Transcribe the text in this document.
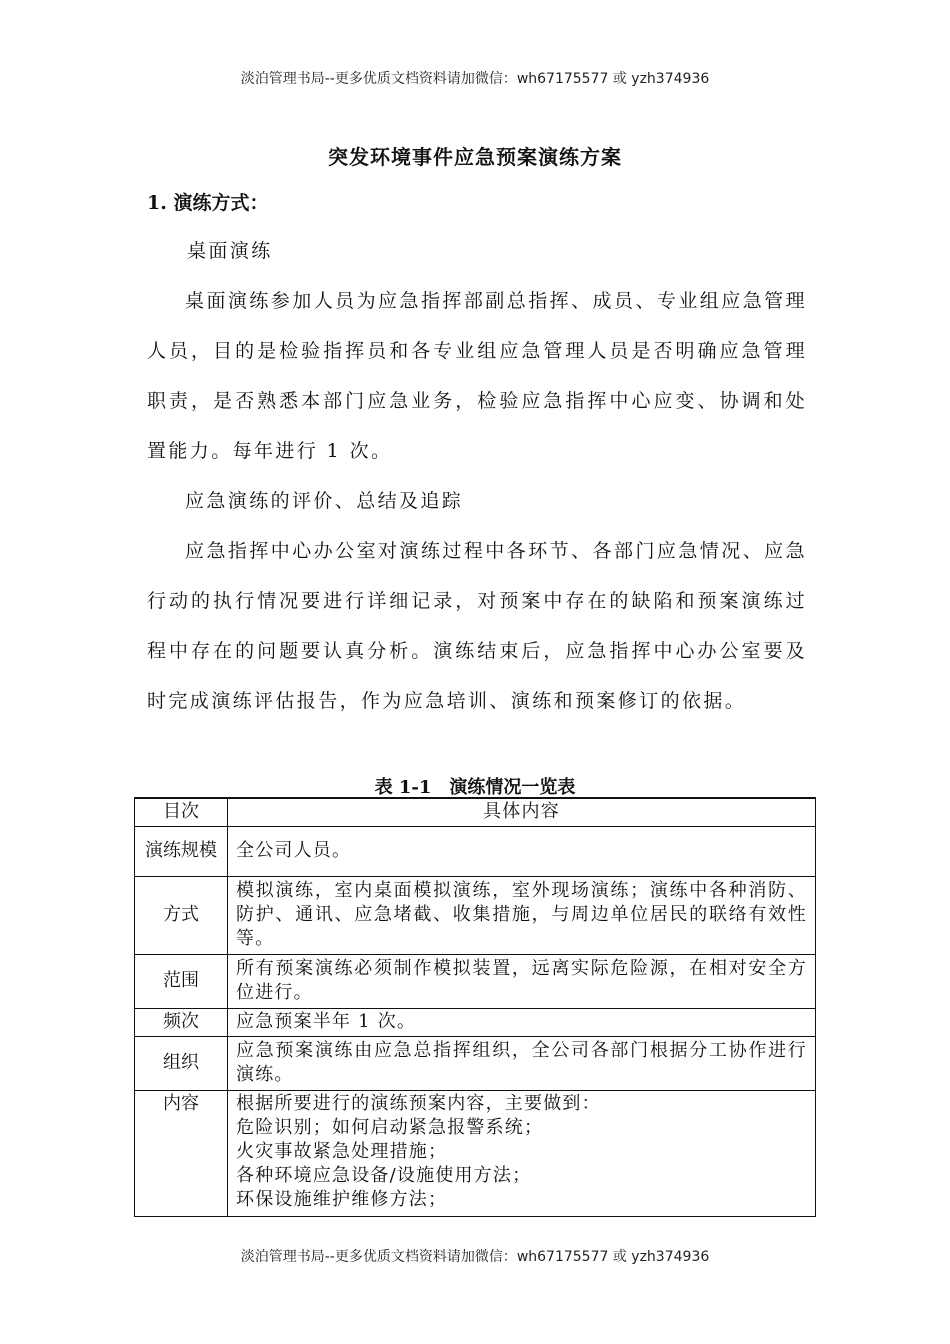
淡泊管理书局--更多优质文档资料请加微信：wh67175577 或 yzh374936
突发环境事件应急预案演练方案
1. 演练方式：
桌面演练
桌面演练参加人员为应急指挥部副总指挥、成员、专业组应急管理人员，目的是检验指挥员和各专业组应急管理人员是否明确应急管理职责，是否熟悉本部门应急业务，检验应急指挥中心应变、协调和处置能力。每年进行 1 次。
应急演练的评价、总结及追踪
应急指挥中心办公室对演练过程中各环节、各部门应急情况、应急行动的执行情况要进行详细记录，对预案中存在的缺陷和预案演练过程中存在的问题要认真分析。演练结束后，应急指挥中心办公室要及时完成演练评估报告，作为应急培训、演练和预案修订的依据。
表 1-1　演练情况一览表
目次	具体内容
演练规模	全公司人员。
方式	模拟演练，室内桌面模拟演练，室外现场演练；演练中各种消防、防护、通讯、应急堵截、收集措施，与周边单位居民的联络有效性等。
范围	所有预案演练必须制作模拟装置，远离实际危险源，在相对安全方位进行。
频次	应急预案半年 1 次。
组织	应急预案演练由应急总指挥组织，全公司各部门根据分工协作进行演练。
内容	根据所要进行的演练预案内容，主要做到：
危险识别；如何启动紧急报警系统；
火灾事故紧急处理措施；
各种环境应急设备/设施使用方法；
环保设施维护维修方法；
淡泊管理书局--更多优质文档资料请加微信：wh67175577 或 yzh374936
